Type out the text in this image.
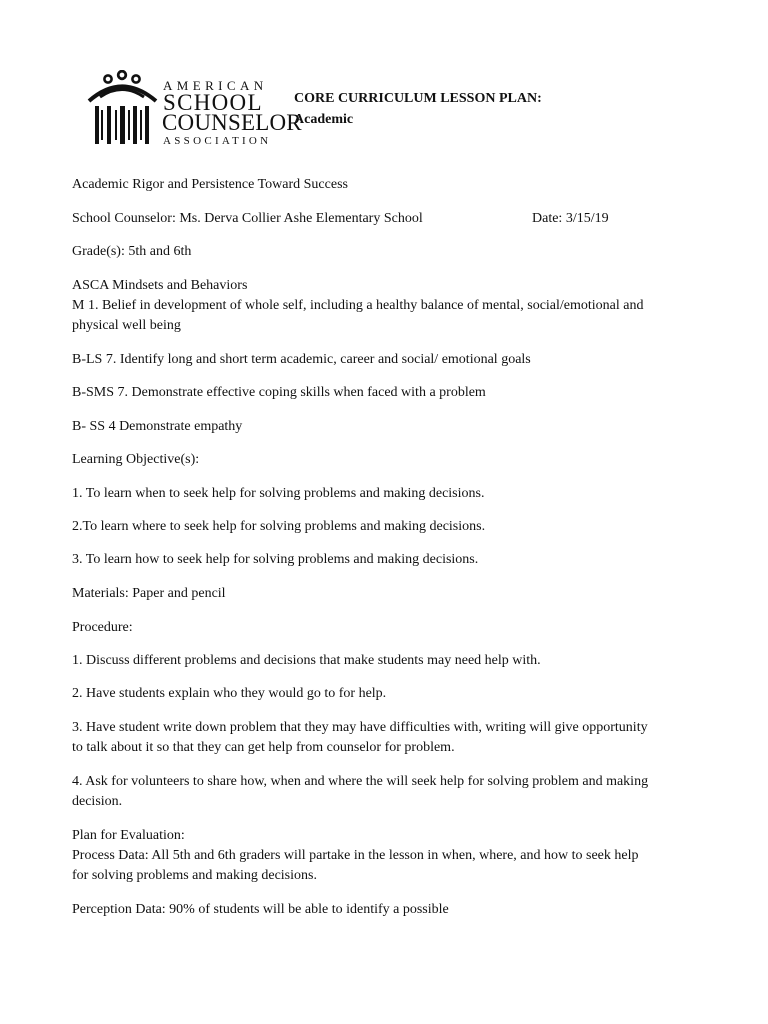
AMERICAN
SCHOOL
COUNSELOR
ASSOCIATION
CORE CURRICULUM LESSON PLAN:
Academic
Academic Rigor and Persistence Toward Success
School Counselor: Ms. Derva Collier Ashe Elementary School	Date: 3/15/19
Grade(s): 5th and 6th
ASCA Mindsets and Behaviors
M 1. Belief in development of whole self, including a healthy balance of mental, social/emotional and
physical well being
B-LS 7. Identify long and short term academic, career and social/ emotional goals
B-SMS 7. Demonstrate effective coping skills when faced with a problem
B- SS 4 Demonstrate empathy
Learning Objective(s):
1. To learn when to seek help for solving problems and making decisions.
2.To learn where to seek help for solving problems and making decisions.
3. To learn how to seek help for solving problems and making decisions.
Materials: Paper and pencil
Procedure:
1. Discuss different problems and decisions that make students may need help with.
2. Have students explain who they would go to for help.
3. Have student write down problem that they may have difficulties with, writing will give opportunity
to talk about it so that they can get help from counselor for problem.
4. Ask for volunteers to share how, when and where the will seek help for solving problem and making
decision.
Plan for Evaluation:
Process Data: All 5th and 6th graders will partake in the lesson in when, where, and how to seek help
for solving problems and making decisions.
Perception Data: 90% of students will be able to identify a possible
